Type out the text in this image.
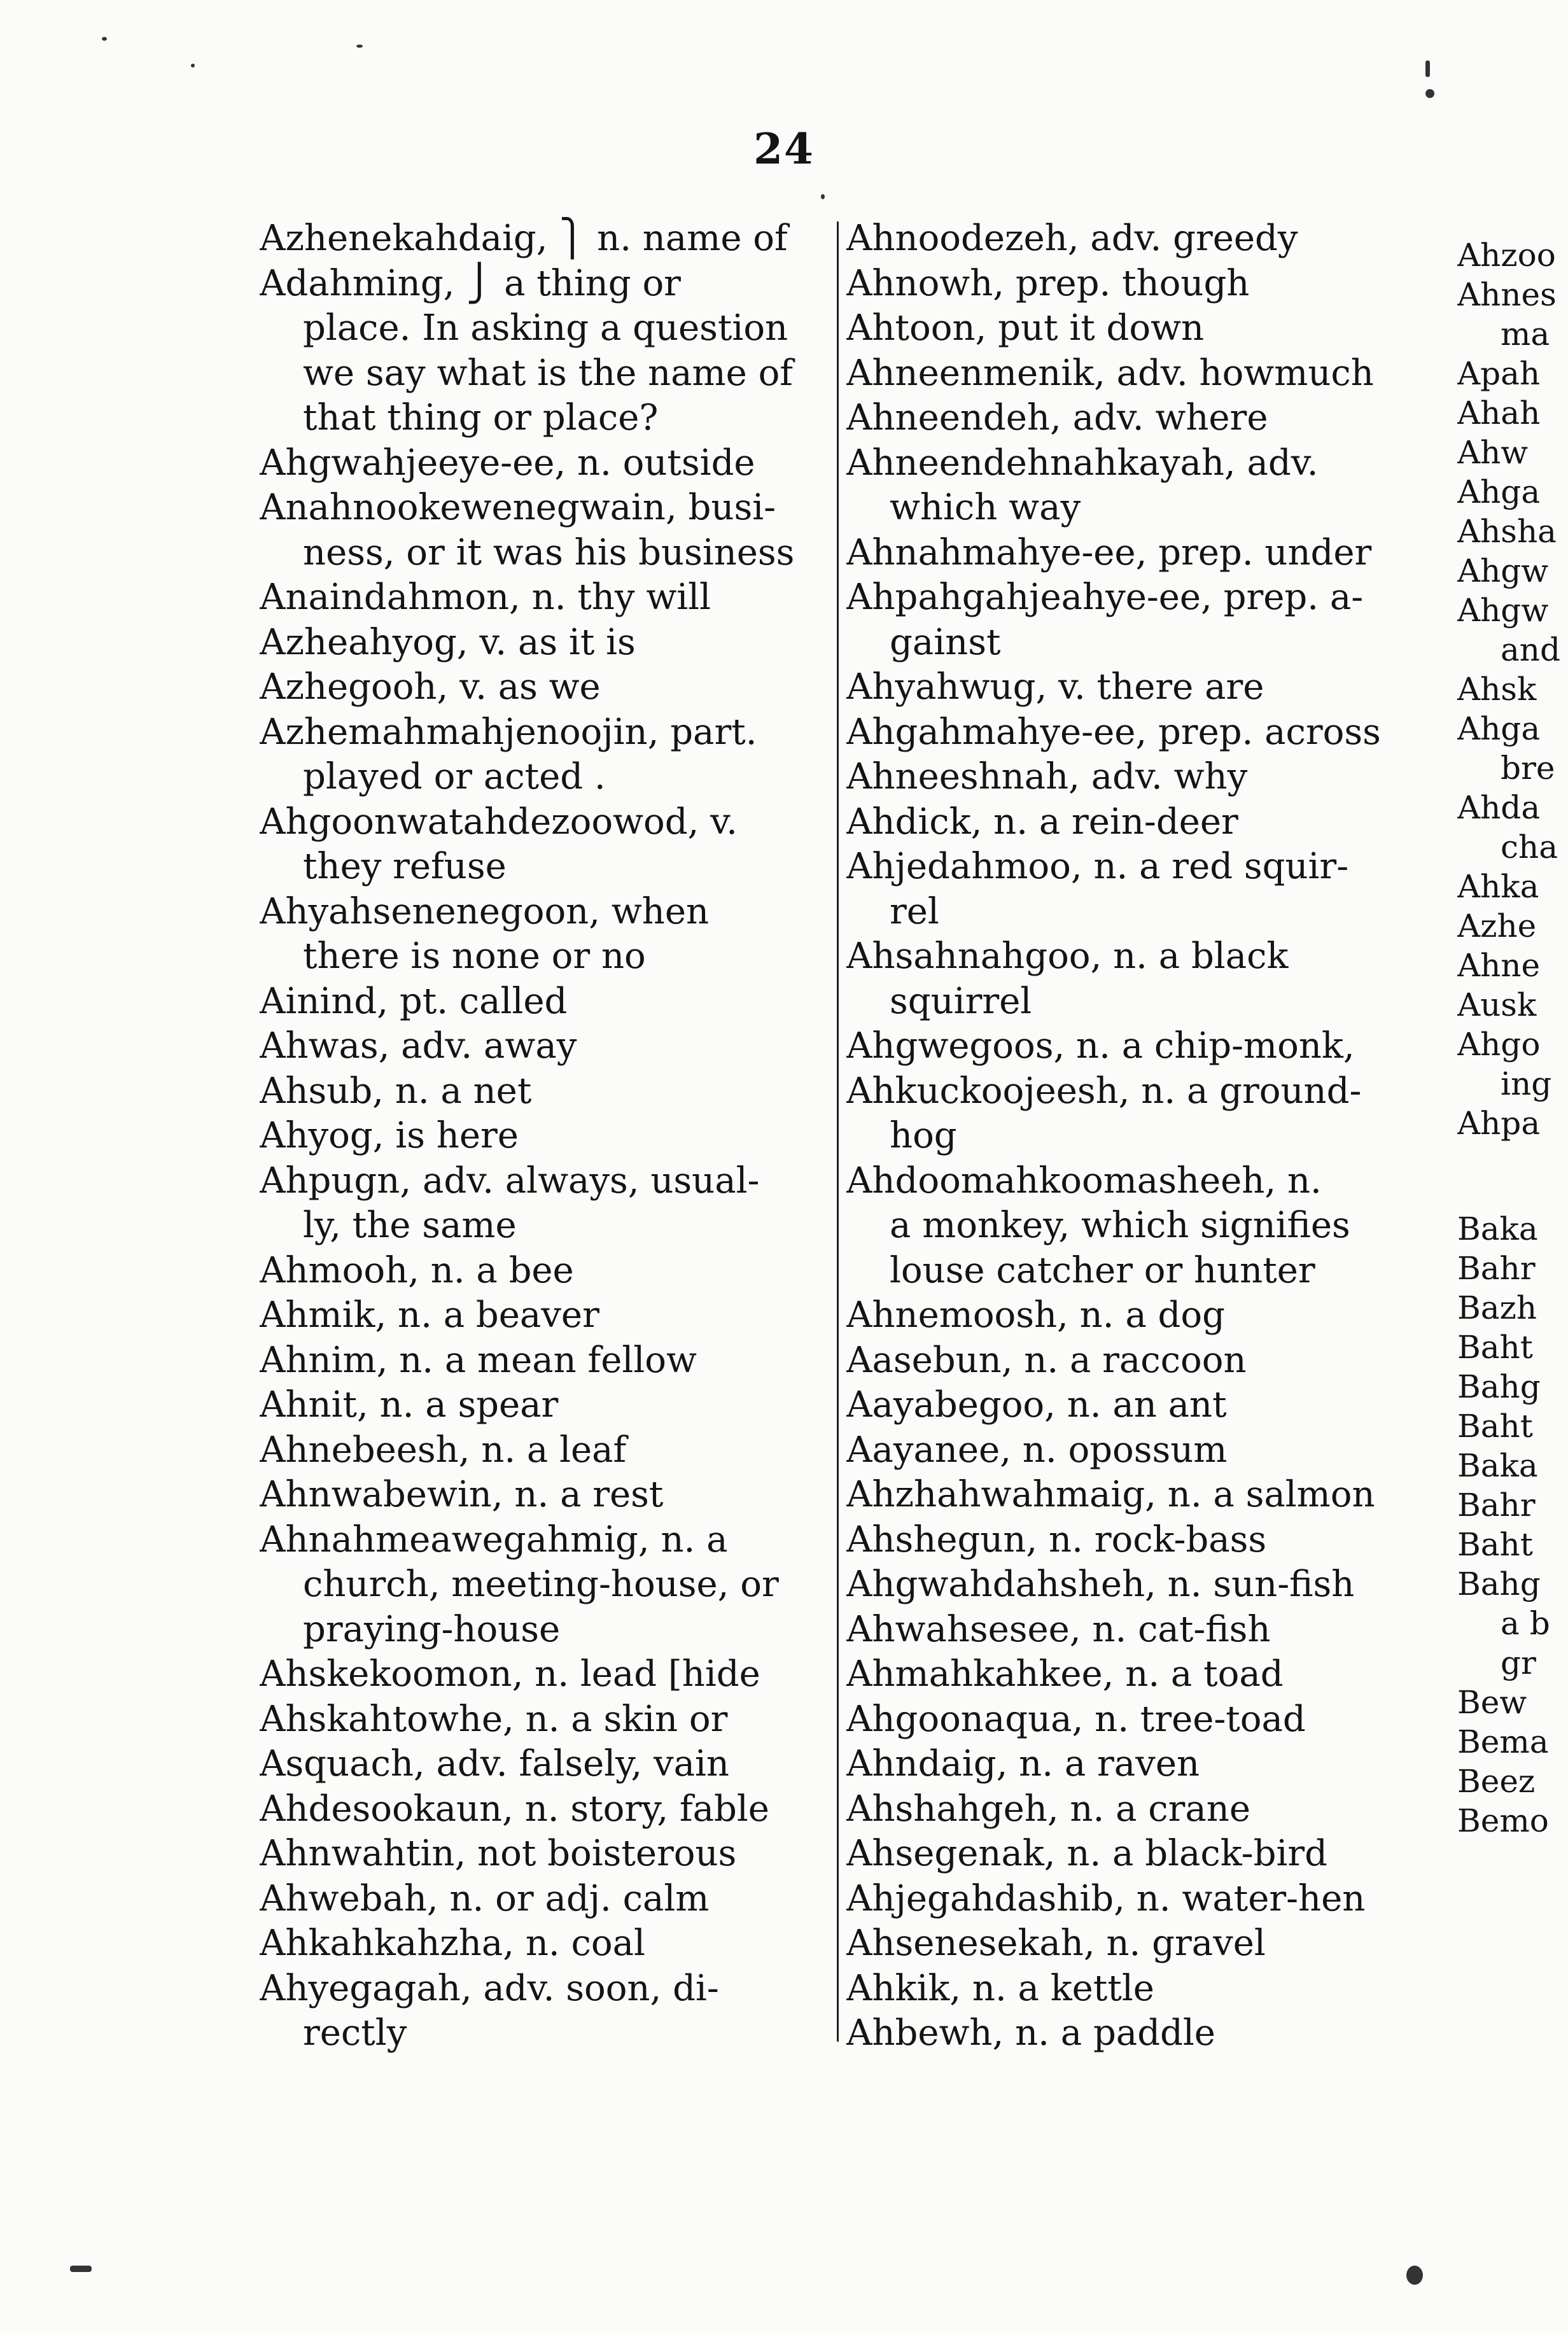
24
Azhenekahdaig, ⎫ n. name of
Adahming, ⎭ a thing or
place. In asking a question
we say what is the name of
that thing or place?
Ahgwahjeeye-ee, n. outside
Anahnookewenegwain, busi-
ness, or it was his business
Anaindahmon, n. thy will
Azheahyog, v. as it is
Azhegooh, v. as we
Azhemahmahjenoojin, part.
played or acted .
Ahgoonwatahdezoowod, v.
they refuse
Ahyahsenenegoon, when
there is none or no
Ainind, pt. called
Ahwas, adv. away
Ahsub, n. a net
Ahyog, is here
Ahpugn, adv. always, usual-
ly, the same
Ahmooh, n. a bee
Ahmik, n. a beaver
Ahnim, n. a mean fellow
Ahnit, n. a spear
Ahnebeesh, n. a leaf
Ahnwabewin, n. a rest
Ahnahmeawegahmig, n. a
church, meeting-house, or
praying-house
Ahskekoomon, n. lead [hide
Ahskahtowhe, n. a skin or
Asquach, adv. falsely, vain
Ahdesookaun, n. story, fable
Ahnwahtin, not boisterous
Ahwebah, n. or adj. calm
Ahkahkahzha, n. coal
Ahyegagah, adv. soon, di-
rectly
Ahnoodezeh, adv. greedy
Ahnowh, prep. though
Ahtoon, put it down
Ahneenmenik, adv. howmuch
Ahneendeh, adv. where
Ahneendehnahkayah, adv.
which way
Ahnahmahye-ee, prep. under
Ahpahgahjeahye-ee, prep. a-
gainst
Ahyahwug, v. there are
Ahgahmahye-ee, prep. across
Ahneeshnah, adv. why
Ahdick, n. a rein-deer
Ahjedahmoo, n. a red squir-
rel
Ahsahnahgoo, n. a black
squirrel
Ahgwegoos, n. a chip-monk,
Ahkuckoojeesh, n. a ground-
hog
Ahdoomahkoomasheeh, n.
a monkey, which signifies
louse catcher or hunter
Ahnemoosh, n. a dog
Aasebun, n. a raccoon
Aayabegoo, n. an ant
Aayanee, n. opossum
Ahzhahwahmaig, n. a salmon
Ahshegun, n. rock-bass
Ahgwahdahsheh, n. sun-fish
Ahwahsesee, n. cat-fish
Ahmahkahkee, n. a toad
Ahgoonaqua, n. tree-toad
Ahndaig, n. a raven
Ahshahgeh, n. a crane
Ahsegenak, n. a black-bird
Ahjegahdashib, n. water-hen
Ahsenesekah, n. gravel
Ahkik, n. a kettle
Ahbewh, n. a paddle
Ahzoo
Ahnes
ma
Apah
Ahah
Ahw
Ahga
Ahsha
Ahgw
Ahgw
and
Ahsk
Ahga
bre
Ahda
cha
Ahka
Azhe
Ahne
Ausk
Ahgo
ing
Ahpa
Baka
Bahr
Bazh
Baht
Bahg
Baht
Baka
Bahr
Baht
Bahg
a b
gr
Bew
Bema
Beez
Bemo
